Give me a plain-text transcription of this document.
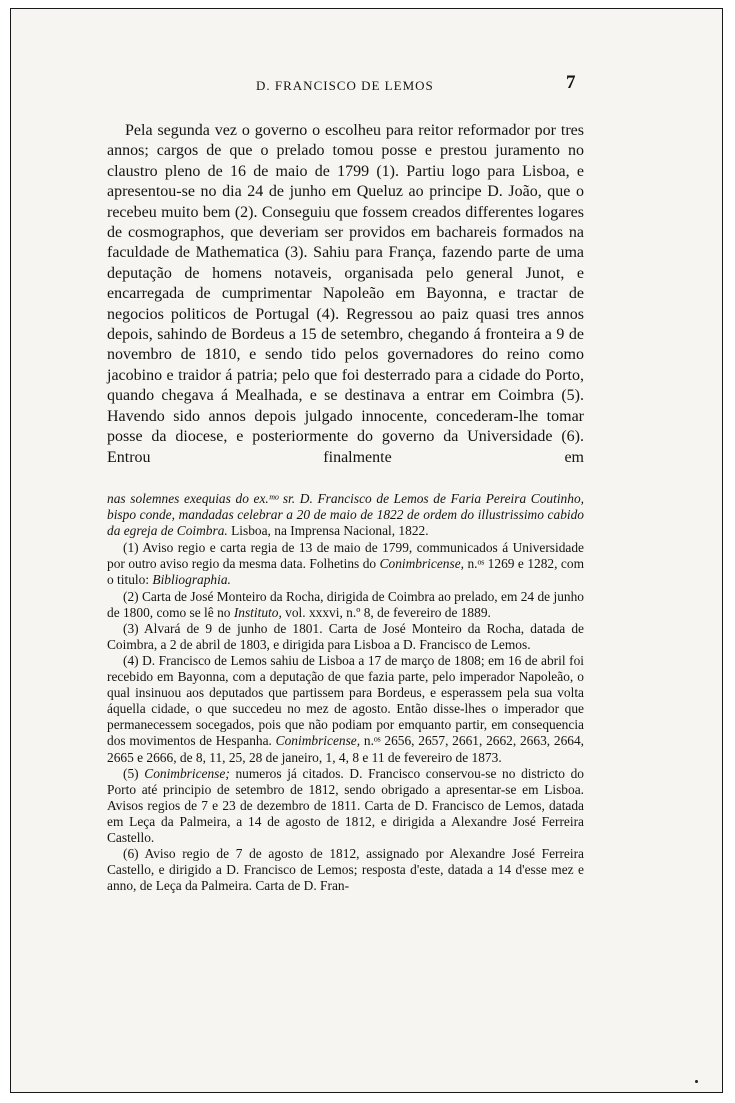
D. FRANCISCO DE LEMOS	7

Pela segunda vez o governo o escolheu para reitor reformador por tres annos; cargos de que o prelado tomou posse e prestou juramento no claustro pleno de 16 de maio de 1799 (1). Partiu logo para Lisboa, e apresentou-se no dia 24 de junho em Queluz ao principe D. João, que o recebeu muito bem (2). Conseguiu que fossem creados differentes logares de cosmographos, que deveriam ser providos em bachareis formados na faculdade de Mathematica (3). Sahiu para França, fazendo parte de uma deputação de homens notaveis, organisada pelo general Junot, e encarregada de cumprimentar Napoleão em Bayonna, e tractar de negocios politicos de Portugal (4). Regressou ao paiz quasi tres annos depois, sahindo de Bordeus a 15 de setembro, chegando á fronteira a 9 de novembro de 1810, e sendo tido pelos governadores do reino como jacobino e traidor á patria; pelo que foi desterrado para a cidade do Porto, quando chegava á Mealhada, e se destinava a entrar em Coimbra (5). Havendo sido annos depois julgado innocente, concederam-lhe tomar posse da diocese, e posteriormente do governo da Universidade (6). Entrou finalmente em

nas solemnes exequias do ex.ᵐᵒ sr. D. Francisco de Lemos de Faria Pereira Coutinho, bispo conde, mandadas celebrar a 20 de maio de 1822 de ordem do illustrissimo cabido da egreja de Coimbra. Lisboa, na Imprensa Nacional, 1822.

(1) Aviso regio e carta regia de 13 de maio de 1799, communicados á Universidade por outro aviso regio da mesma data. Folhetins do Conimbricense, n.ᵒˢ 1269 e 1282, com o titulo: Bibliographia.

(2) Carta de José Monteiro da Rocha, dirigida de Coimbra ao prelado, em 24 de junho de 1800, como se lê no Instituto, vol. xxxvi, n.º 8, de fevereiro de 1889.

(3) Alvará de 9 de junho de 1801. Carta de José Monteiro da Rocha, datada de Coimbra, a 2 de abril de 1803, e dirigida para Lisboa a D. Francisco de Lemos.

(4) D. Francisco de Lemos sahiu de Lisboa a 17 de março de 1808; em 16 de abril foi recebido em Bayonna, com a deputação de que fazia parte, pelo imperador Napoleão, o qual insinuou aos deputados que partissem para Bordeus, e esperassem pela sua volta áquella cidade, o que succedeu no mez de agosto. Então disse-lhes o imperador que permanecessem socegados, pois que não podiam por emquanto partir, em consequencia dos movimentos de Hespanha. Conimbricense, n.ᵒˢ 2656, 2657, 2661, 2662, 2663, 2664, 2665 e 2666, de 8, 11, 25, 28 de janeiro, 1, 4, 8 e 11 de fevereiro de 1873.

(5) Conimbricense; numeros já citados. D. Francisco conservou-se no districto do Porto até principio de setembro de 1812, sendo obrigado a apresentar-se em Lisboa. Avisos regios de 7 e 23 de dezembro de 1811. Carta de D. Francisco de Lemos, datada em Leça da Palmeira, a 14 de agosto de 1812, e dirigida a Alexandre José Ferreira Castello.

(6) Aviso regio de 7 de agosto de 1812, assignado por Alexandre José Ferreira Castello, e dirigido a D. Francisco de Lemos; resposta d'este, datada a 14 d'esse mez e anno, de Leça da Palmeira. Carta de D. Fran-
